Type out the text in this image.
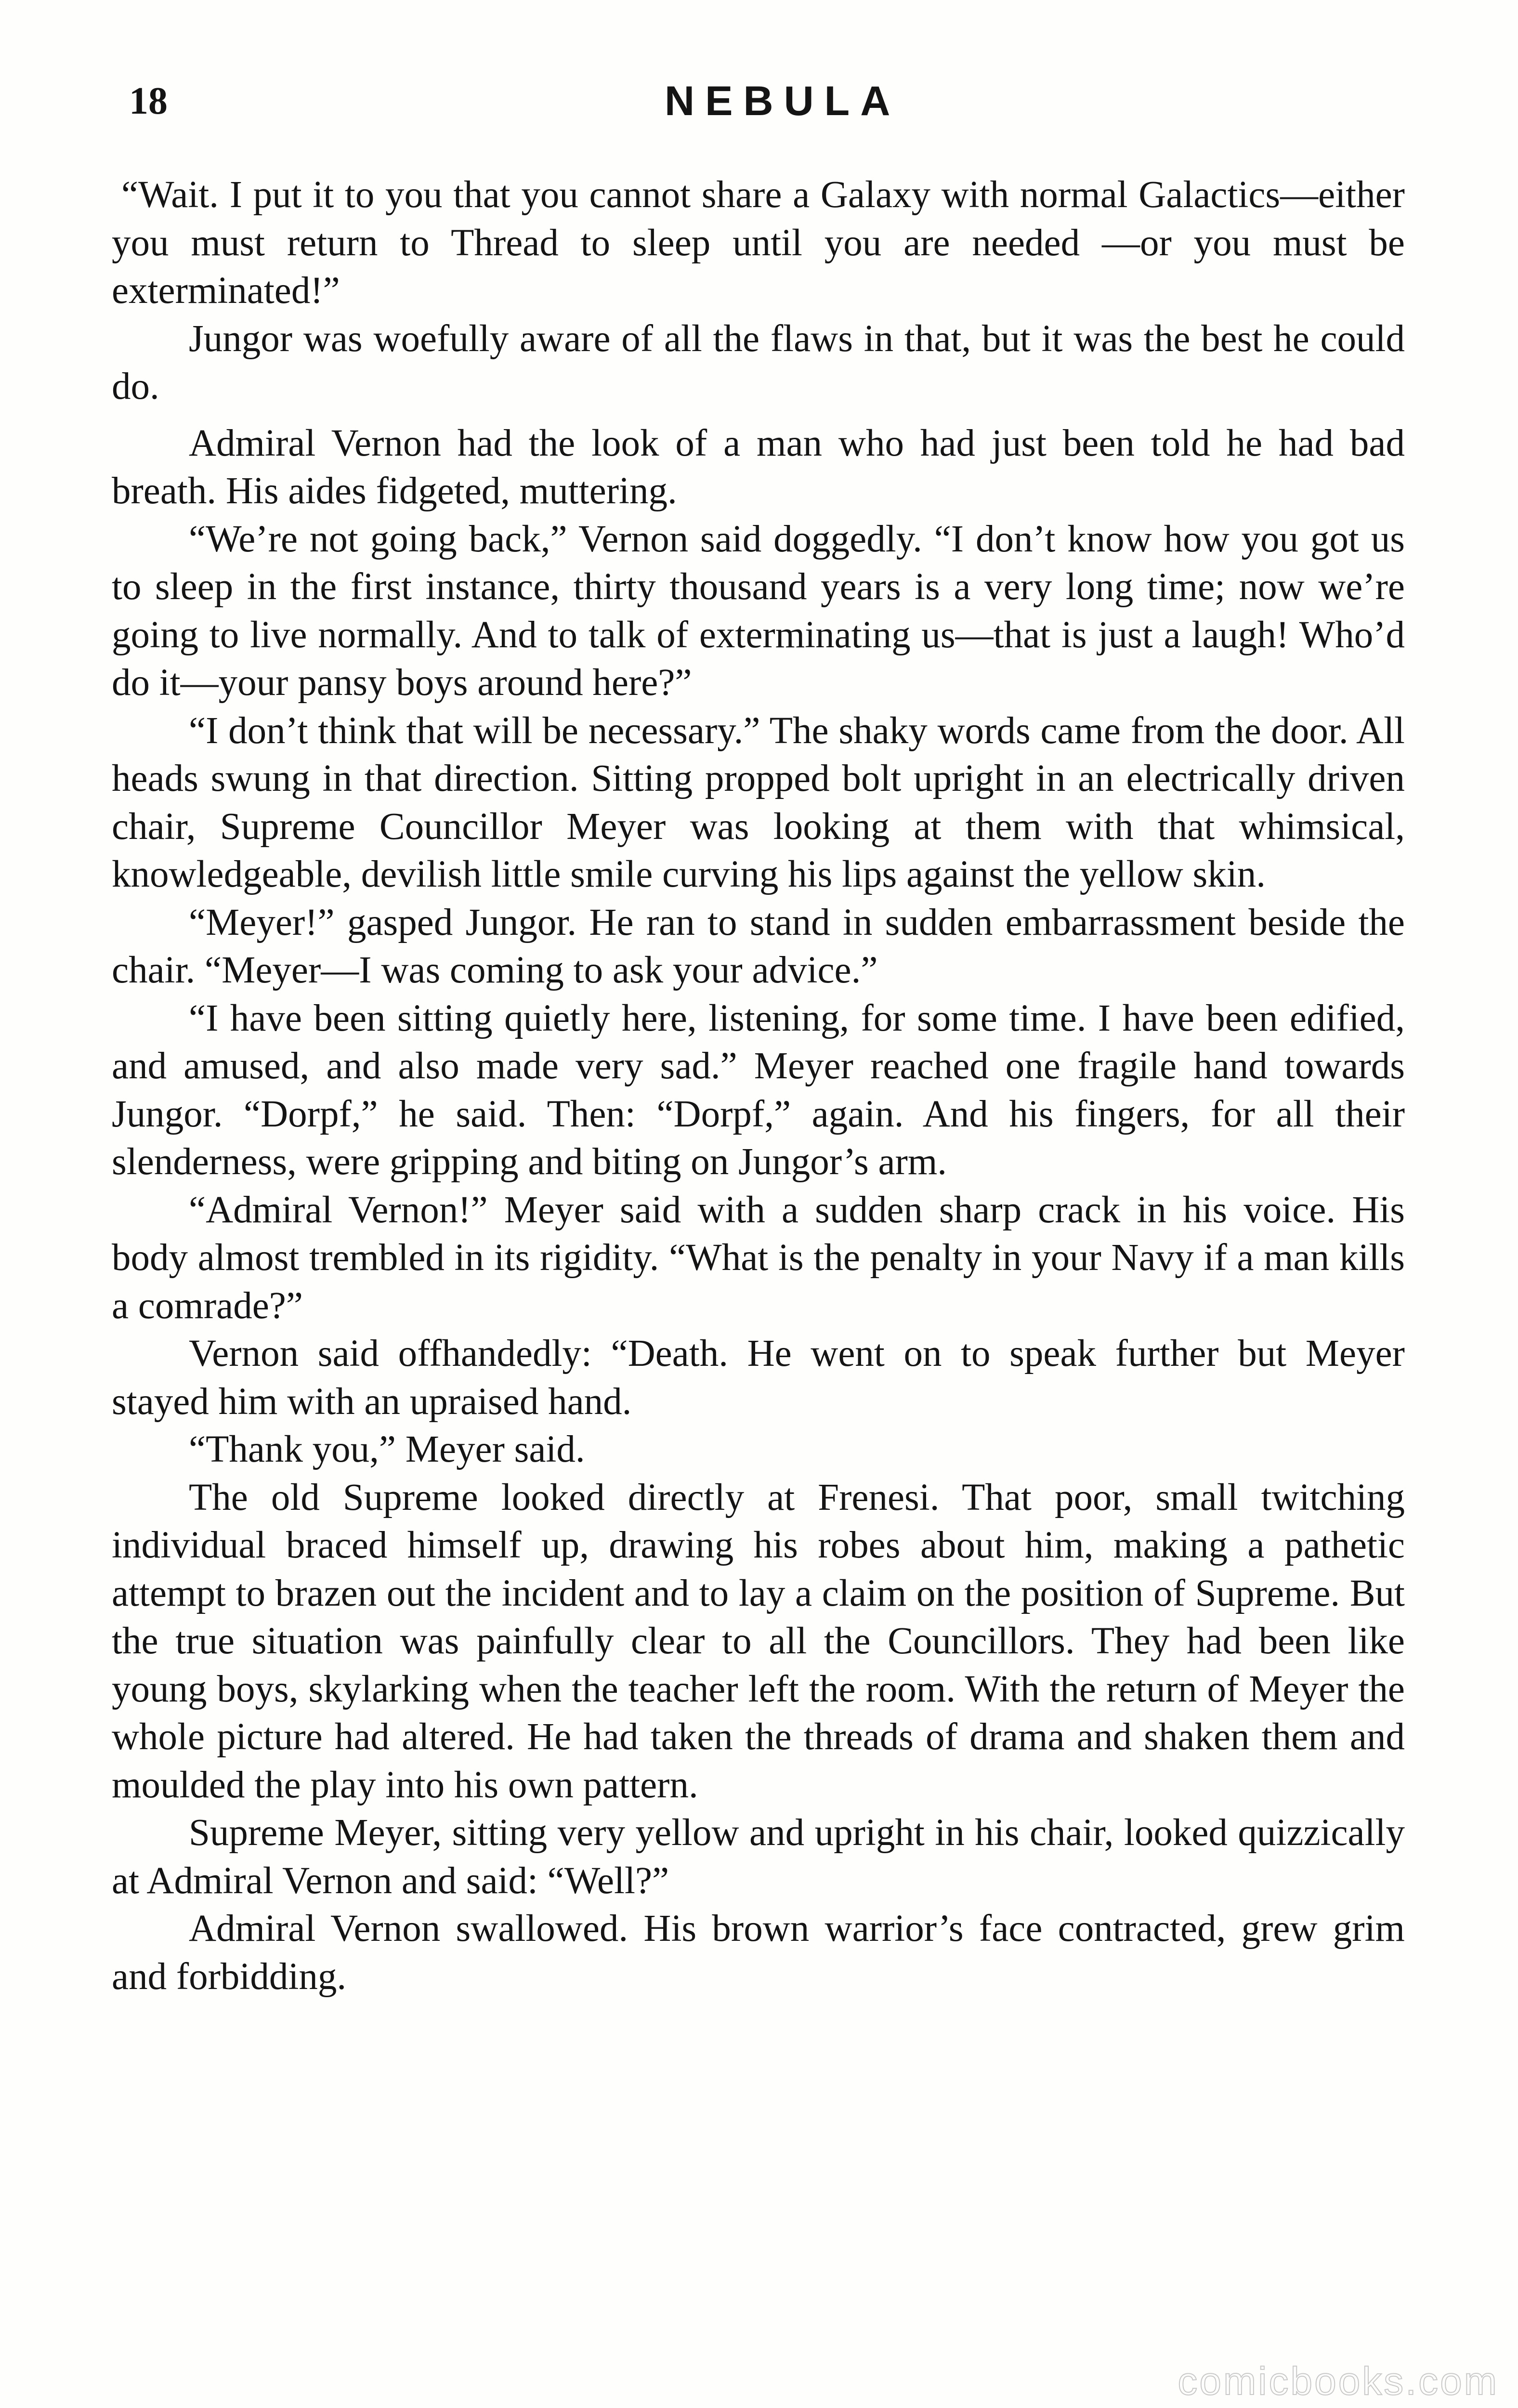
18	NEBULA

“Wait. I put it to you that you cannot share a Galaxy with normal Galactics—either you must return to Thread to sleep until you are needed —or you must be exterminated!”

Jungor was woefully aware of all the flaws in that, but it was the best he could do.

Admiral Vernon had the look of a man who had just been told he had bad breath. His aides fidgeted, muttering.

“We’re not going back,” Vernon said doggedly. “I don’t know how you got us to sleep in the first instance, thirty thousand years is a very long time; now we’re going to live normally. And to talk of exterminating us—that is just a laugh! Who’d do it—your pansy boys around here?”

“I don’t think that will be necessary.” The shaky words came from the door. All heads swung in that direction. Sitting propped bolt upright in an electrically driven chair, Supreme Councillor Meyer was looking at them with that whimsical, knowledgeable, devilish little smile curving his lips against the yellow skin.

“Meyer!” gasped Jungor. He ran to stand in sudden embarrassment beside the chair. “Meyer—I was coming to ask your advice.”

“I have been sitting quietly here, listening, for some time. I have been edified, and amused, and also made very sad.” Meyer reached one fragile hand towards Jungor. “Dorpf,” he said. Then: “Dorpf,” again. And his fingers, for all their slenderness, were gripping and biting on Jungor’s arm.

“Admiral Vernon!” Meyer said with a sudden sharp crack in his voice. His body almost trembled in its rigidity. “What is the penalty in your Navy if a man kills a comrade?”

Vernon said offhandedly: “Death. He went on to speak further but Meyer stayed him with an upraised hand.

“Thank you,” Meyer said.

The old Supreme looked directly at Frenesi. That poor, small twitching individual braced himself up, drawing his robes about him, making a pathetic attempt to brazen out the incident and to lay a claim on the position of Supreme. But the true situation was painfully clear to all the Councillors. They had been like young boys, skylarking when the teacher left the room. With the return of Meyer the whole picture had altered. He had taken the threads of drama and shaken them and moulded the play into his own pattern.

Supreme Meyer, sitting very yellow and upright in his chair, looked quizzically at Admiral Vernon and said: “Well?”

Admiral Vernon swallowed. His brown warrior’s face contracted, grew grim and forbidding.

comicbooks.com
